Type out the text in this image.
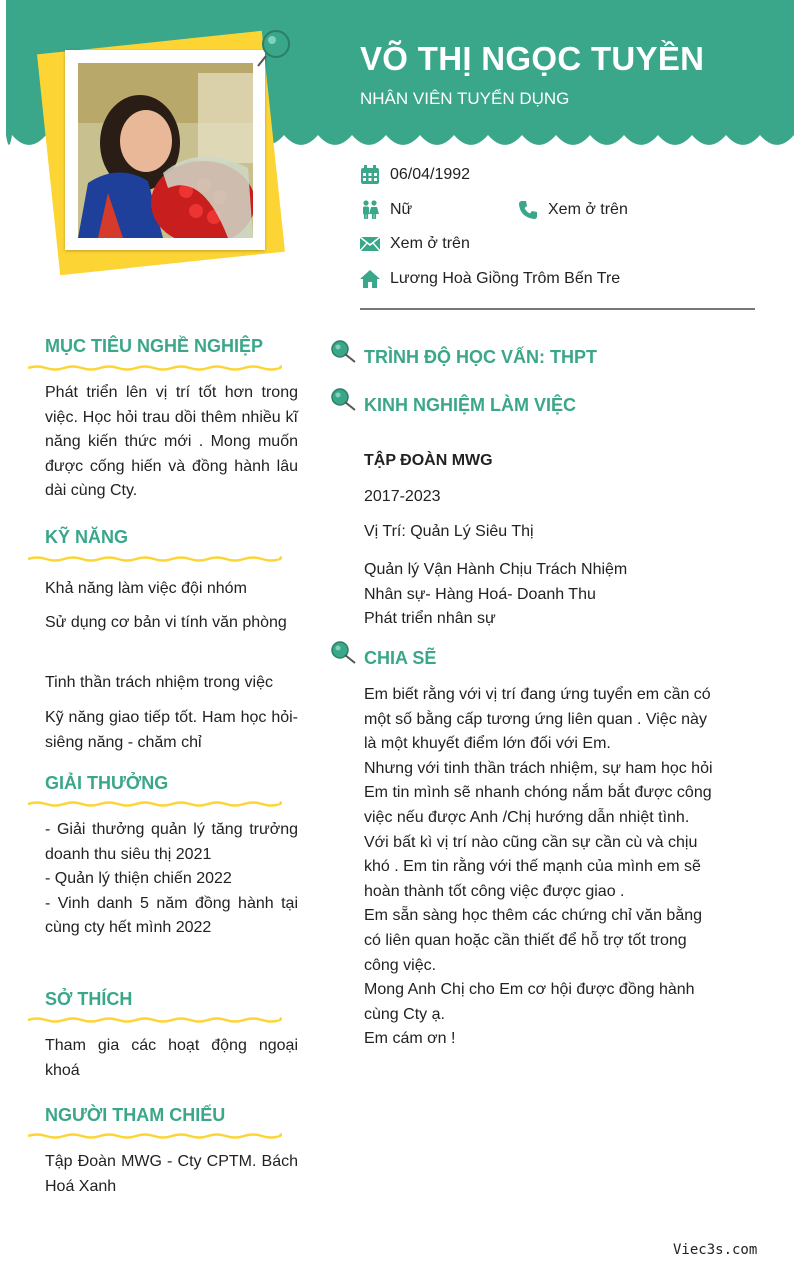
VÕ THỊ NGỌC TUYỀN
NHÂN VIÊN TUYỂN DỤNG
06/04/1992
Nữ	Xem ở trên
Xem ở trên
Lương Hoà Giồng Trôm Bến Tre
MỤC TIÊU NGHỀ NGHIỆP
Phát triển lên vị trí tốt hơn trong việc. Học hỏi trau dồi thêm nhiều kĩ năng kiến thức mới . Mong muốn được cống hiến và đồng hành lâu dài cùng Cty.
KỸ NĂNG
Khả năng làm việc đội nhóm
Sử dụng cơ bản vi tính văn phòng
Tinh thần trách nhiệm trong việc
Kỹ năng giao tiếp tốt. Ham học hỏi- siêng năng - chăm chỉ
GIẢI THƯỞNG

- Giải thưởng quản lý tăng trưởng doanh thu siêu thị 2021

- Quản lý thiện chiến 2022

- Vinh danh 5 năm đồng hành tại cùng cty hết mình 2022

SỞ THÍCH
Tham gia các hoạt động ngoại khoá
NGƯỜI THAM CHIẾU
Tập Đoàn MWG - Cty CPTM. Bách Hoá Xanh
TRÌNH ĐỘ HỌC VẤN: THPT
KINH NGHIỆM LÀM VIỆC
TẬP ĐOÀN MWG
2017-2023
Vị Trí: Quản Lý Siêu Thị
Quản lý Vận Hành Chịu Trách Nhiệm
Nhân sự- Hàng Hoá- Doanh Thu
Phát triển nhân sự
CHIA SẼ
Em biết rằng với vị trí đang ứng tuyển em cần có
một số bằng cấp tương ứng liên quan . Việc này
là một khuyết điểm lớn đối với Em.
Nhưng với tinh thần trách nhiệm, sự ham học hỏi
Em tin mình sẽ nhanh chóng nắm bắt được công
việc nếu được Anh /Chị hướng dẫn nhiệt tình.
Với bất kì vị trí nào cũng cần sự cần cù và chịu
khó . Em tin rằng với thế mạnh của mình em sẽ
hoàn thành tốt công việc được giao .
Em sẵn sàng học thêm các chứng chỉ văn bằng
có liên quan hoặc cần thiết để hỗ trợ tốt trong
công việc.
Mong Anh Chị cho Em cơ hội được đồng hành
cùng Cty ạ.
Em cám ơn !
Viec3s.com
